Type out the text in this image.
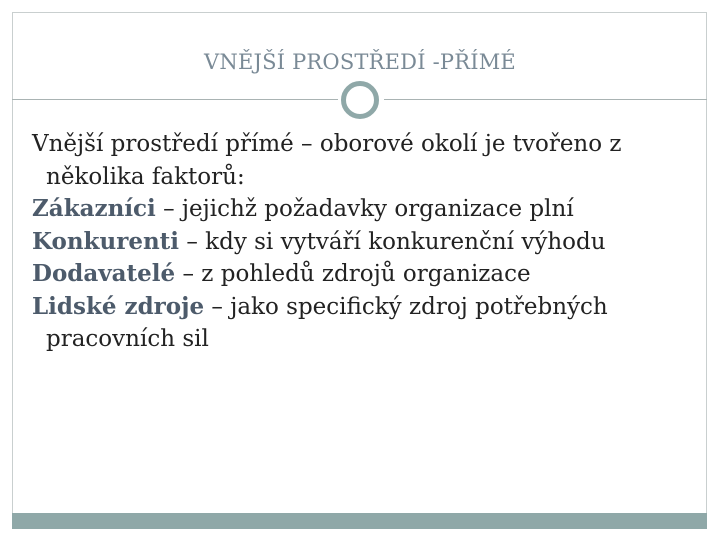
VNĚJŠÍ PROSTŘEDÍ -PŘÍMÉ

Vnější prostředí přímé – oborové okolí je tvořeno z několika faktorů:

Zákazníci – jejichž požadavky organizace plní

Konkurenti – kdy si vytváří konkurenční výhodu

Dodavatelé – z pohledů zdrojů organizace

Lidské zdroje – jako specifický zdroj potřebných pracovních sil
